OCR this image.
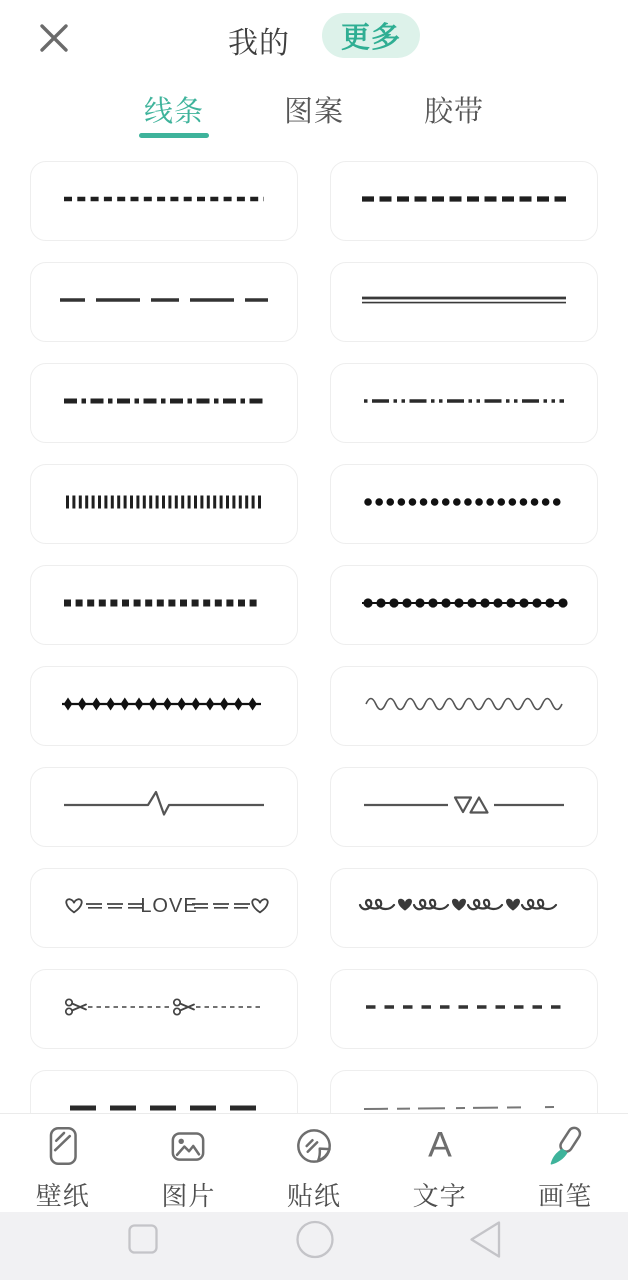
我的	更多
线条	图案	胶带
LOVE
壁纸	图片	贴纸
A
文字	画笔
